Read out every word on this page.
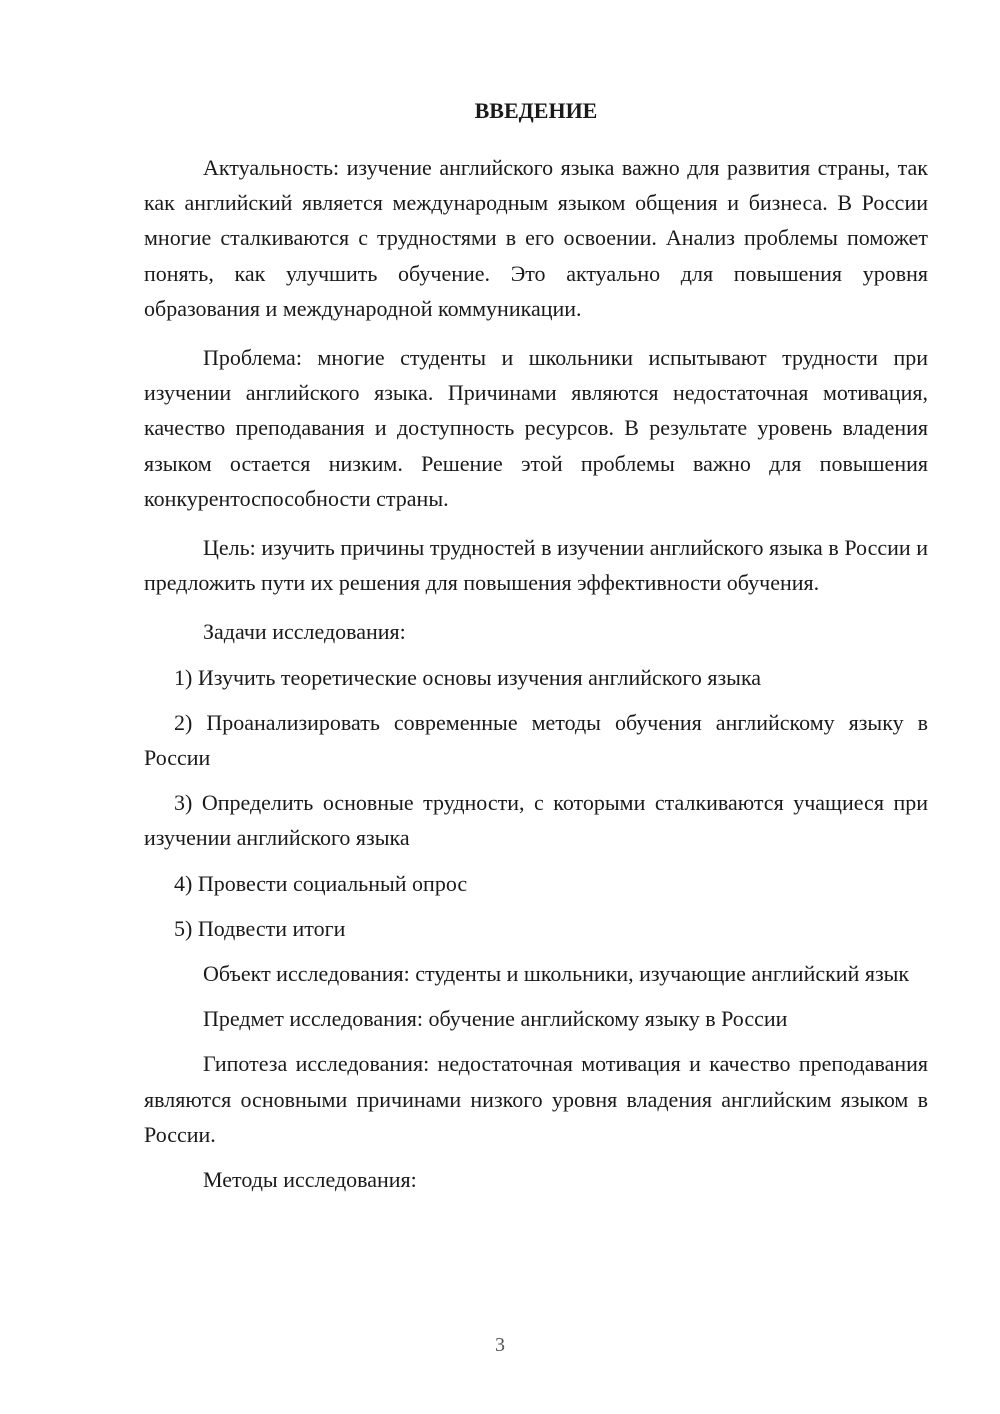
ВВЕДЕНИЕ

Актуальность: изучение английского языка важно для развития страны, так как английский является международным языком общения и бизнеса. В России многие сталкиваются с трудностями в его освоении. Анализ проблемы поможет понять, как улучшить обучение. Это актуально для повышения уровня образования и международной коммуникации.

Проблема: многие студенты и школьники испытывают трудности при изучении английского языка. Причинами являются недостаточная мотивация, качество преподавания и доступность ресурсов. В результате уровень владения языком остается низким. Решение этой проблемы важно для повышения конкурентоспособности страны.

Цель: изучить причины трудностей в изучении английского языка в России и предложить пути их решения для повышения эффективности обучения.

Задачи исследования:

1) Изучить теоретические основы изучения английского языка

2) Проанализировать современные методы обучения английскому языку в России

3) Определить основные трудности, с которыми сталкиваются учащиеся при изучении английского языка

4) Провести социальный опрос

5) Подвести итоги

Объект исследования: студенты и школьники, изучающие английский язык

Предмет исследования: обучение английскому языку в России

Гипотеза исследования: недостаточная мотивация и качество преподавания являются основными причинами низкого уровня владения английским языком в России.

Методы исследования:

3
